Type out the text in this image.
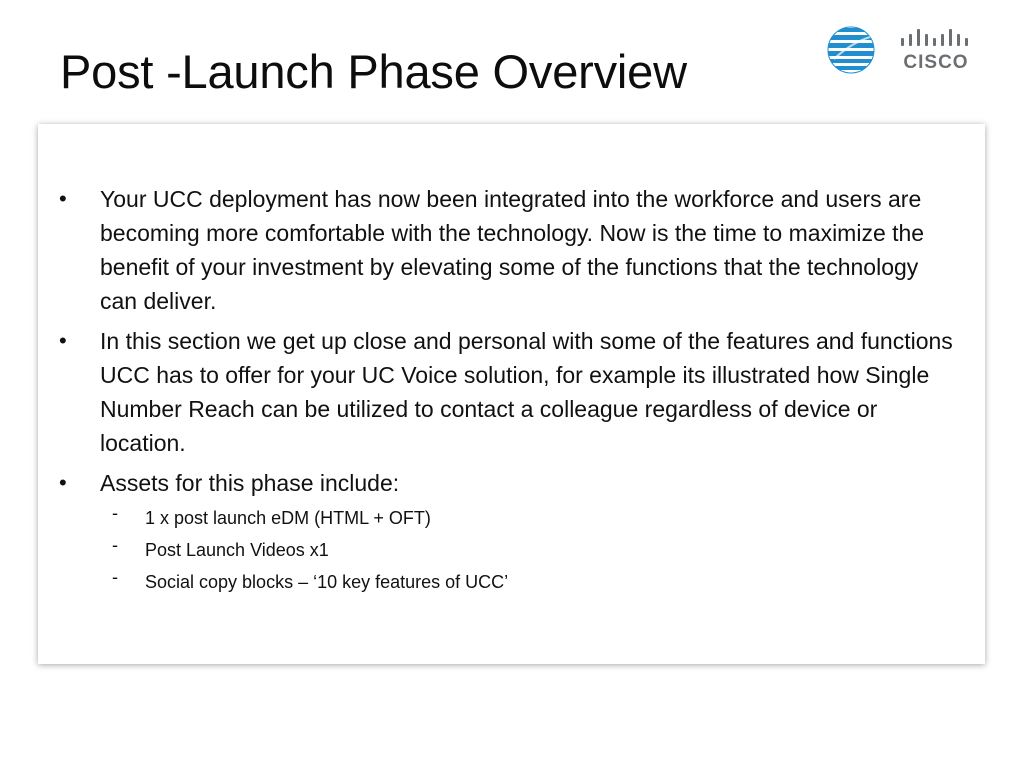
Post -Launch Phase Overview	CISCO
• Your UCC deployment has now been integrated into the workforce and users are becoming more comfortable with the technology. Now is the time to maximize the benefit of your investment by elevating some of the functions that the technology can deliver.
• In this section we get up close and personal with some of the features and functions UCC has to offer for your UC Voice solution, for example its illustrated how Single Number Reach can be utilized to contact a colleague regardless of device or location.
• Assets for this phase include:
- 1 x post launch eDM (HTML + OFT)
- Post Launch Videos x1
- Social copy blocks – ‘10 key features of UCC’
